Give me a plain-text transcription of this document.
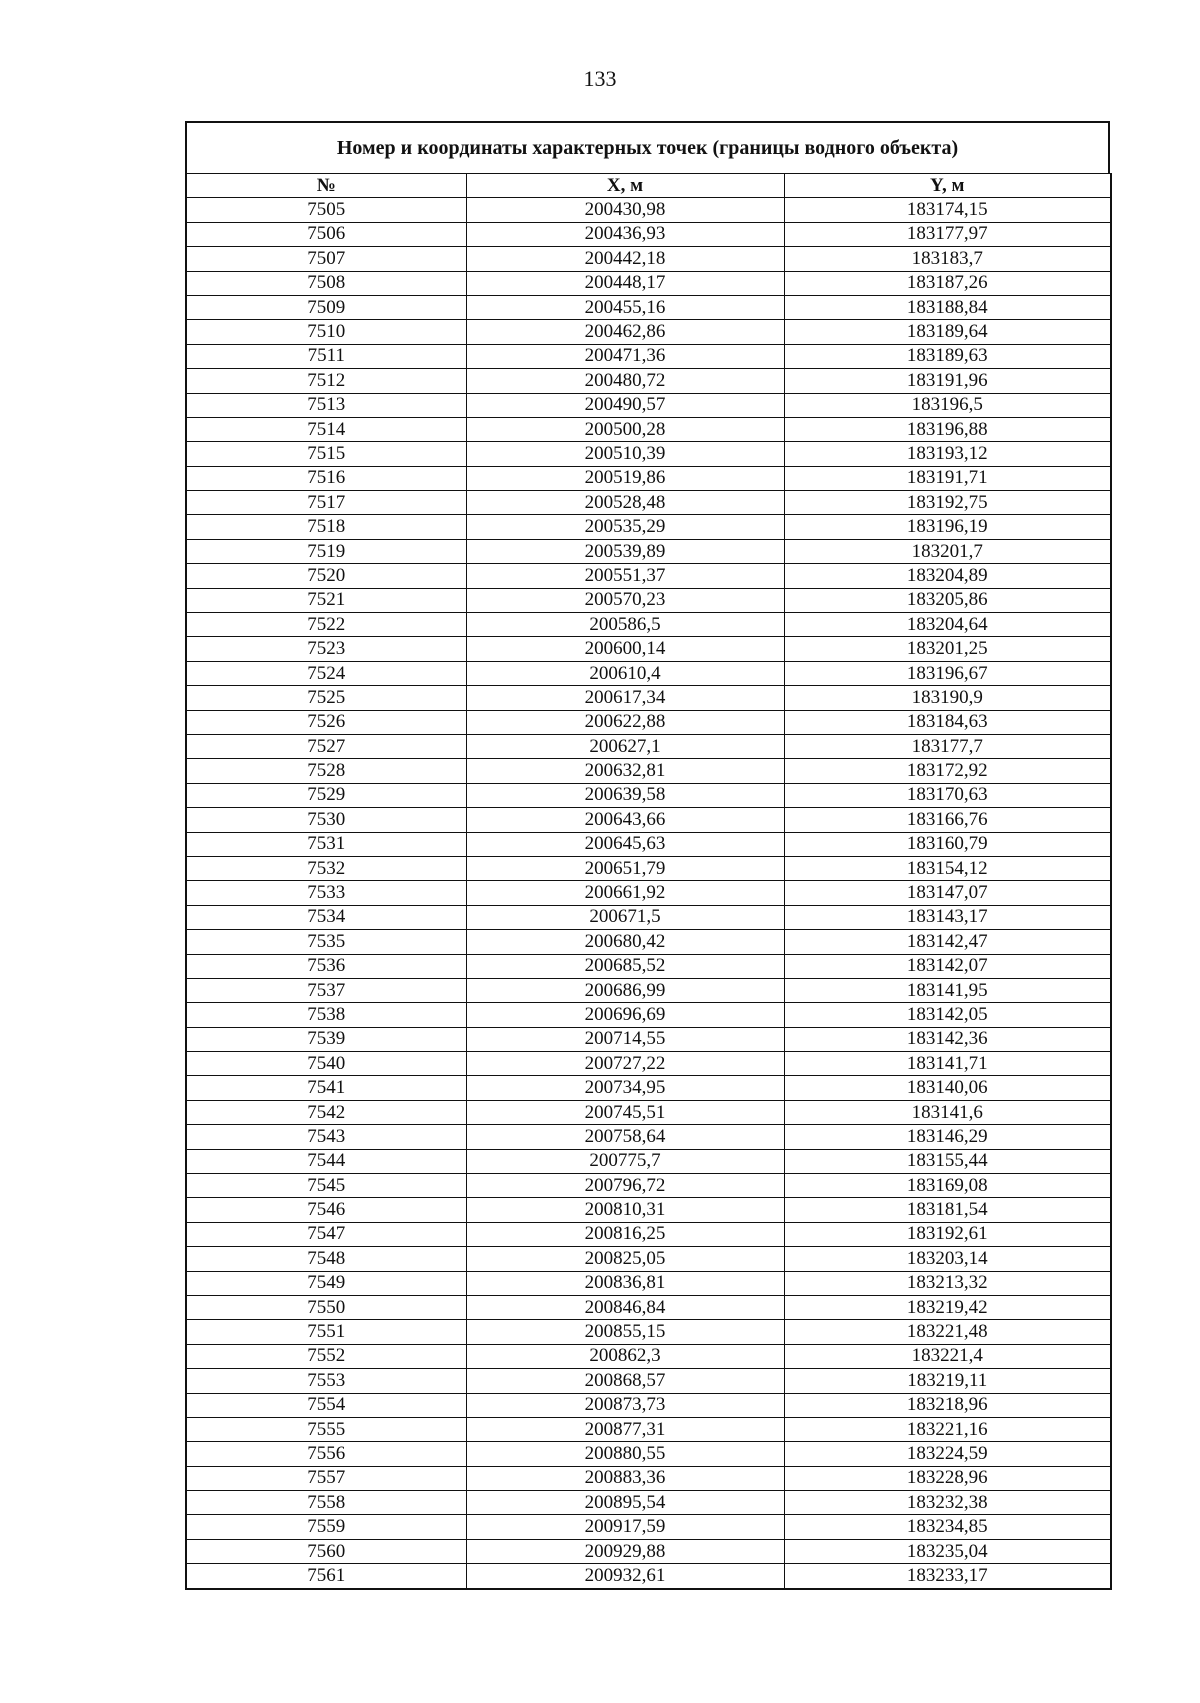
133
Номер и координаты характерных точек (границы водного объекта)
№	X, м	Y, м
7505	200430,98	183174,15
7506	200436,93	183177,97
7507	200442,18	183183,7
7508	200448,17	183187,26
7509	200455,16	183188,84
7510	200462,86	183189,64
7511	200471,36	183189,63
7512	200480,72	183191,96
7513	200490,57	183196,5
7514	200500,28	183196,88
7515	200510,39	183193,12
7516	200519,86	183191,71
7517	200528,48	183192,75
7518	200535,29	183196,19
7519	200539,89	183201,7
7520	200551,37	183204,89
7521	200570,23	183205,86
7522	200586,5	183204,64
7523	200600,14	183201,25
7524	200610,4	183196,67
7525	200617,34	183190,9
7526	200622,88	183184,63
7527	200627,1	183177,7
7528	200632,81	183172,92
7529	200639,58	183170,63
7530	200643,66	183166,76
7531	200645,63	183160,79
7532	200651,79	183154,12
7533	200661,92	183147,07
7534	200671,5	183143,17
7535	200680,42	183142,47
7536	200685,52	183142,07
7537	200686,99	183141,95
7538	200696,69	183142,05
7539	200714,55	183142,36
7540	200727,22	183141,71
7541	200734,95	183140,06
7542	200745,51	183141,6
7543	200758,64	183146,29
7544	200775,7	183155,44
7545	200796,72	183169,08
7546	200810,31	183181,54
7547	200816,25	183192,61
7548	200825,05	183203,14
7549	200836,81	183213,32
7550	200846,84	183219,42
7551	200855,15	183221,48
7552	200862,3	183221,4
7553	200868,57	183219,11
7554	200873,73	183218,96
7555	200877,31	183221,16
7556	200880,55	183224,59
7557	200883,36	183228,96
7558	200895,54	183232,38
7559	200917,59	183234,85
7560	200929,88	183235,04
7561	200932,61	183233,17
